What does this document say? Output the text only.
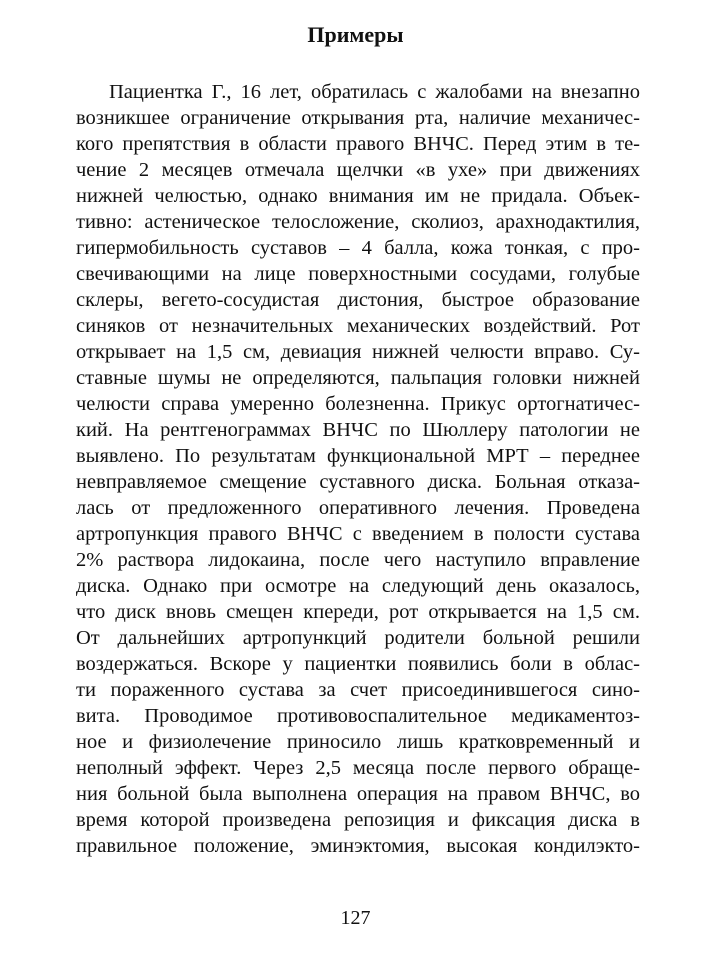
Примеры
Пациентка Г., 16 лет, обратилась с жалобами на внезапно
возникшее ограничение открывания рта, наличие механичес-
кого препятствия в области правого ВНЧС. Перед этим в те-
чение 2 месяцев отмечала щелчки «в ухе» при движениях
нижней челюстью, однако внимания им не придала. Объек-
тивно: астеническое телосложение, сколиоз, арахнодактилия,
гипермобильность суставов – 4 балла, кожа тонкая, с про-
свечивающими на лице поверхностными сосудами, голубые
склеры, вегето-сосудистая дистония, быстрое образование
синяков от незначительных механических воздействий. Рот
открывает на 1,5 см, девиация нижней челюсти вправо. Су-
ставные шумы не определяются, пальпация головки нижней
челюсти справа умеренно болезненна. Прикус ортогнатичес-
кий. На рентгенограммах ВНЧС по Шюллеру патологии не
выявлено. По результатам функциональной МРТ – переднее
невправляемое смещение суставного диска. Больная отказа-
лась от предложенного оперативного лечения. Проведена
артропункция правого ВНЧС с введением в полости сустава
2% раствора лидокаина, после чего наступило вправление
диска. Однако при осмотре на следующий день оказалось,
что диск вновь смещен кпереди, рот открывается на 1,5 см.
От дальнейших артропункций родители больной решили
воздержаться. Вскоре у пациентки появились боли в облас-
ти пораженного сустава за счет присоединившегося сино-
вита. Проводимое противовоспалительное медикаментоз-
ное и физиолечение приносило лишь кратковременный и
неполный эффект. Через 2,5 месяца после первого обраще-
ния больной была выполнена операция на правом ВНЧС, во
время которой произведена репозиция и фиксация диска в
правильное положение, эминэктомия, высокая кондилэкто-
127
